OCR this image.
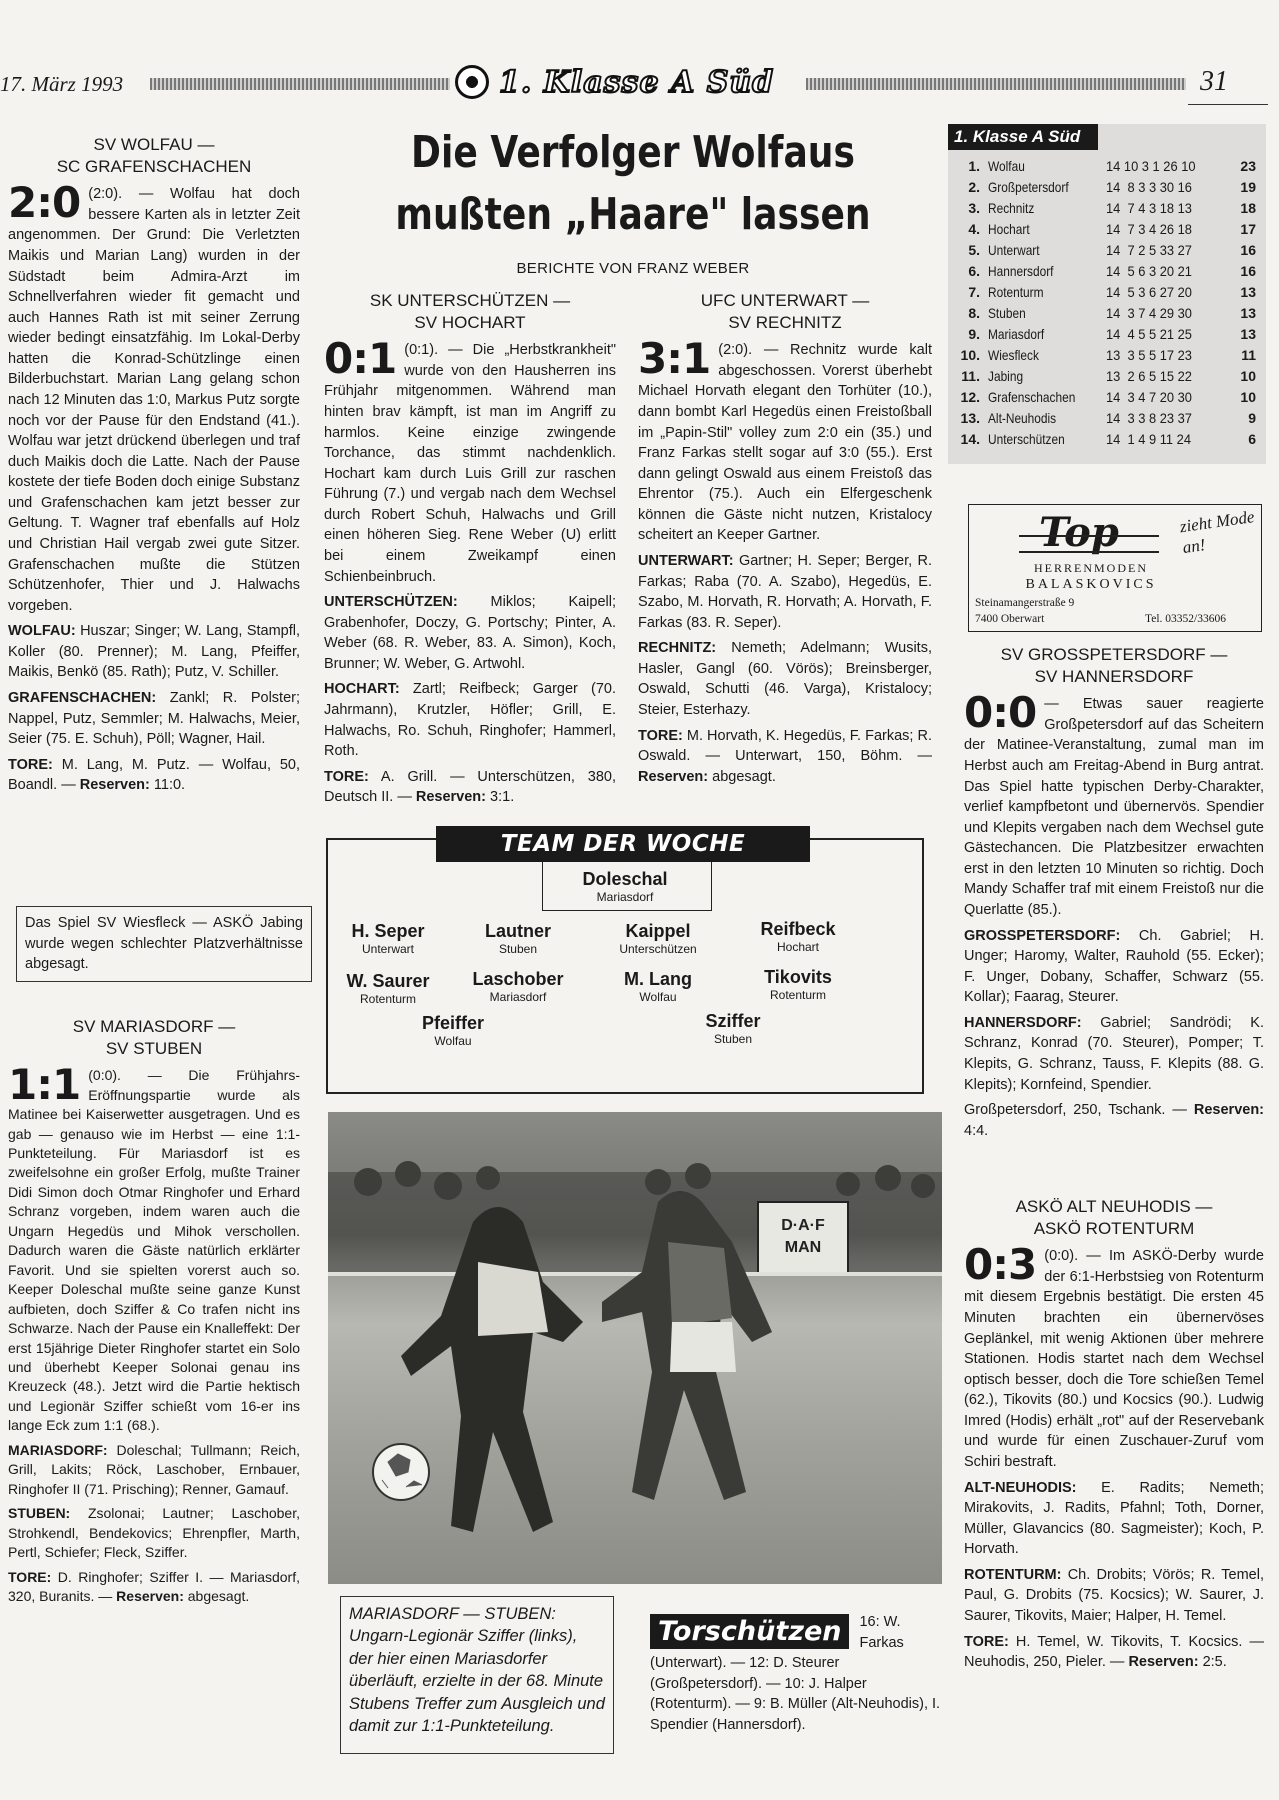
17. März 1993	1. Klasse A Süd	31
SV WOLFAU —
SC GRAFENSCHACHEN

2:0 (2:0). — Wolfau hat doch bessere Karten als in letzter Zeit angenommen. Der Grund: Die Verletzten Maikis und Marian Lang) wurden in der Südstadt beim Admira-Arzt im Schnellverfahren wieder fit gemacht und auch Hannes Rath ist mit seiner Zerrung wieder bedingt einsatzfähig. Im Lokal-Derby hatten die Konrad-Schützlinge einen Bilderbuchstart. Marian Lang gelang schon nach 12 Minuten das 1:0, Markus Putz sorgte noch vor der Pause für den Endstand (41.). Wolfau war jetzt drückend überlegen und traf duch Maikis doch die Latte. Nach der Pause kostete der tiefe Boden doch einige Substanz und Grafenschachen kam jetzt besser zur Geltung. T. Wagner traf ebenfalls auf Holz und Christian Hail vergab zwei gute Sitzer. Grafenschachen mußte die Stützen Schützenhofer, Thier und J. Halwachs vorgeben.

WOLFAU: Huszar; Singer; W. Lang, Stampfl, Koller (80. Prenner); M. Lang, Pfeiffer, Maikis, Benkö (85. Rath); Putz, V. Schiller.

GRAFENSCHACHEN: Zankl; R. Polster; Nappel, Putz, Semmler; M. Halwachs, Meier, Seier (75. E. Schuh), Pöll; Wagner, Hail.

TORE: M. Lang, M. Putz. — Wolfau, 50, Boandl. — Reserven: 11:0.

Das Spiel SV Wiesfleck — ASKÖ Jabing wurde wegen schlechter Platzverhältnisse abgesagt.
SV MARIASDORF —
SV STUBEN

1:1 (0:0). — Die Frühjahrs-Eröffnungspartie wurde als Matinee bei Kaiserwetter ausgetragen. Und es gab — genauso wie im Herbst — eine 1:1-Punkteteilung. Für Mariasdorf ist es zweifelsohne ein großer Erfolg, mußte Trainer Didi Simon doch Otmar Ringhofer und Erhard Schranz vorgeben, indem waren auch die Ungarn Hegedüs und Mihok verschollen. Dadurch waren die Gäste natürlich erklärter Favorit. Und sie spielten vorerst auch so. Keeper Doleschal mußte seine ganze Kunst aufbieten, doch Sziffer & Co trafen nicht ins Schwarze. Nach der Pause ein Knalleffekt: Der erst 15jährige Dieter Ringhofer startet ein Solo und überhebt Keeper Solonai genau ins Kreuzeck (48.). Jetzt wird die Partie hektisch und Legionär Sziffer schießt vom 16-er ins lange Eck zum 1:1 (68.).

MARIASDORF: Doleschal; Tullmann; Reich, Grill, Lakits; Röck, Laschober, Ernbauer, Ringhofer II (71. Prisching); Renner, Gamauf.

STUBEN: Zsolonai; Lautner; Laschober, Strohkendl, Bendekovics; Ehrenpfler, Marth, Pertl, Schiefer; Fleck, Sziffer.

TORE: D. Ringhofer; Sziffer I. — Mariasdorf, 320, Buranits. — Reserven: abgesagt.

Die Verfolger Wolfaus
mußten „Haare" lassen
BERICHTE VON FRANZ WEBER
SK UNTERSCHÜTZEN —
SV HOCHART

0:1 (0:1). — Die „Herbstkrankheit" wurde von den Hausherren ins Frühjahr mitgenommen. Während man hinten brav kämpft, ist man im Angriff zu harmlos. Keine einzige zwingende Torchance, das stimmt nachdenklich. Hochart kam durch Luis Grill zur raschen Führung (7.) und vergab nach dem Wechsel durch Robert Schuh, Halwachs und Grill einen höheren Sieg. Rene Weber (U) erlitt bei einem Zweikampf einen Schienbeinbruch.

UNTERSCHÜTZEN: Miklos; Kaipell; Grabenhofer, Doczy, G. Portschy; Pinter, A. Weber (68. R. Weber, 83. A. Simon), Koch, Brunner; W. Weber, G. Artwohl.

HOCHART: Zartl; Reifbeck; Garger (70. Jahrmann), Krutzler, Höfler; Grill, E. Halwachs, Ro. Schuh, Ringhofer; Hammerl, Roth.

TORE: A. Grill. — Unterschützen, 380, Deutsch II. — Reserven: 3:1.

UFC UNTERWART —
SV RECHNITZ

3:1 (2:0). — Rechnitz wurde kalt abgeschossen. Vorerst überhebt Michael Horvath elegant den Torhüter (10.), dann bombt Karl Hegedüs einen Freistoßball im „Papin-Stil" volley zum 2:0 ein (35.) und Franz Farkas stellt sogar auf 3:0 (55.). Erst dann gelingt Oswald aus einem Freistoß das Ehrentor (75.). Auch ein Elfergeschenk können die Gäste nicht nutzen, Kristalocy scheitert an Keeper Gartner.

UNTERWART: Gartner; H. Seper; Berger, R. Farkas; Raba (70. A. Szabo), Hegedüs, E. Szabo, M. Horvath, R. Horvath; A. Horvath, F. Farkas (83. R. Seper).

RECHNITZ: Nemeth; Adelmann; Wusits, Hasler, Gangl (60. Vörös); Breinsberger, Oswald, Schutti (46. Varga), Kristalocy; Steier, Esterhazy.

TORE: M. Horvath, K. Hegedüs, F. Farkas; R. Oswald. — Unterwart, 150, Böhm. — Reserven: abgesagt.

TEAM DER WOCHE
Doleschal
Mariasdorf
H. Seper
Unterwart
Lautner
Stuben
Kaippel
Unterschützen
Reifbeck
Hochart
W. Saurer
Rotenturm
Laschober
Mariasdorf
M. Lang
Wolfau
Tikovits
Rotenturm
Pfeiffer
Wolfau
Sziffer
Stuben
D·A·F
MAN
MARIASDORF — STUBEN: Ungarn-Legionär Sziffer (links), der hier einen Mariasdorfer überläuft, erzielte in der 68. Minute Stubens Treffer zum Ausgleich und damit zur 1:1-Punkteteilung.
Torschützen	16: W. Farkas (Unterwart). — 12: D. Steurer (Großpetersdorf). — 10: J. Halper (Rotenturm). — 9: B. Müller (Alt-Neuhodis), I. Spendier (Hannersdorf).
1. Klasse A Süd
1. Wolfau	14 10 3 1 26 10	23
2. Großpetersdorf	14  8 3 3 30 16	19
3. Rechnitz	14  7 4 3 18 13	18
4. Hochart	14  7 3 4 26 18	17
5. Unterwart	14  7 2 5 33 27	16
6. Hannersdorf	14  5 6 3 20 21	16
7. Rotenturm	14  5 3 6 27 20	13
8. Stuben	14  3 7 4 29 30	13
9. Mariasdorf	14  4 5 5 21 25	13
10. Wiesfleck	13  3 5 5 17 23	11
11. Jabing	13  2 6 5 15 22	10
12. Grafenschachen 14  3 4 7 20 30	10
13. Alt-Neuhodis	14  3 3 8 23 37	9
14. Unterschützen	14  1 4 9 11 24	6
Top
HERRENMODEN
BALASKOVICS
zieht Mode an!
Steinamangerstraße 9
7400 Oberwart	Tel. 03352/33606
SV GROSSPETERSDORF —
SV HANNERSDORF

0:0 — Etwas sauer reagierte Großpetersdorf auf das Scheitern der Matinee-Veranstaltung, zumal man im Herbst auch am Freitag-Abend in Burg antrat. Das Spiel hatte typischen Derby-Charakter, verlief kampfbetont und übernervös. Spendier und Klepits vergaben nach dem Wechsel gute Gästechancen. Die Platzbesitzer erwachten erst in den letzten 10 Minuten so richtig. Doch Mandy Schaffer traf mit einem Freistoß nur die Querlatte (85.).

GROSSPETERSDORF: Ch. Gabriel; H. Unger; Haromy, Walter, Rauhold (55. Ecker); F. Unger, Dobany, Schaffer, Schwarz (55. Kollar); Faarag, Steurer.

HANNERSDORF: Gabriel; Sandrödi; K. Schranz, Konrad (70. Steurer), Pomper; T. Klepits, G. Schranz, Tauss, F. Klepits (88. G. Klepits); Kornfeind, Spendier.

Großpetersdorf, 250, Tschank. — Reserven: 4:4.

ASKÖ ALT NEUHODIS —
ASKÖ ROTENTURM

0:3 (0:0). — Im ASKÖ-Derby wurde der 6:1-Herbstsieg von Rotenturm mit diesem Ergebnis bestätigt. Die ersten 45 Minuten brachten ein übernervöses Geplänkel, mit wenig Aktionen über mehrere Stationen. Hodis startet nach dem Wechsel optisch besser, doch die Tore schießen Temel (62.), Tikovits (80.) und Kocsics (90.). Ludwig Imred (Hodis) erhält „rot" auf der Reservebank und wurde für einen Zuschauer-Zuruf vom Schiri bestraft.

ALT-NEUHODIS: E. Radits; Nemeth; Mirakovits, J. Radits, Pfahnl; Toth, Dorner, Müller, Glavancics (80. Sagmeister); Koch, P. Horvath.

ROTENTURM: Ch. Drobits; Vörös; R. Temel, Paul, G. Drobits (75. Kocsics); W. Saurer, J. Saurer, Tikovits, Maier; Halper, H. Temel.

TORE: H. Temel, W. Tikovits, T. Kocsics. — Neuhodis, 250, Pieler. — Reserven: 2:5.
